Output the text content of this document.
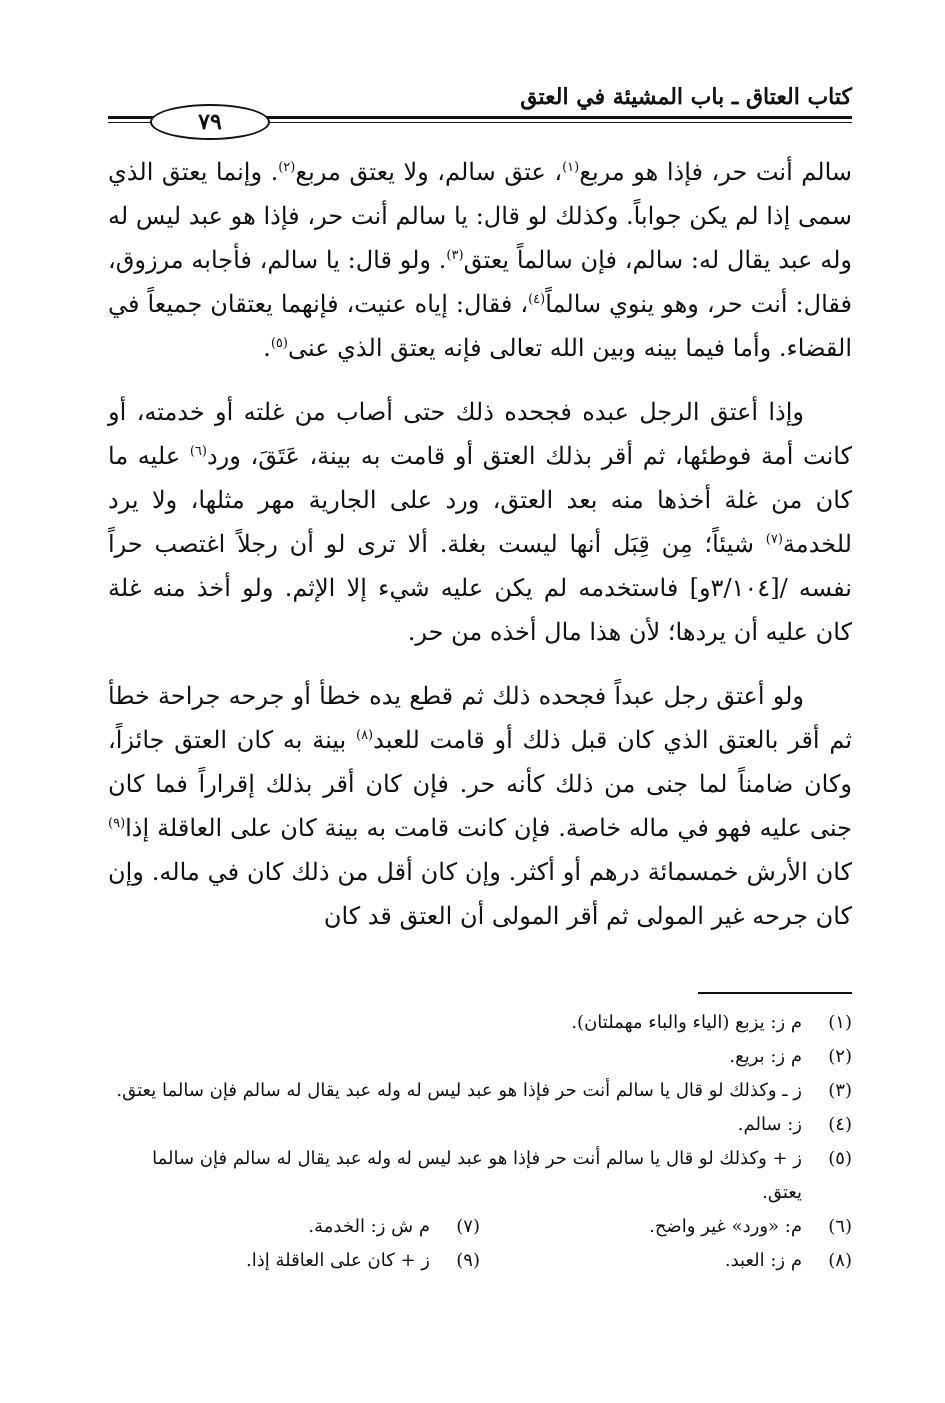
كتاب العتاق ـ باب المشيئة في العتق
٧٩

سالم أنت حر، فإذا هو مربع$^{(١)}$، عتق سالم، ولا يعتق مربع$^{(٢)}$. وإنما يعتق الذي سمى إذا لم يكن جواباً. وكذلك لو قال: يا سالم أنت حر، فإذا هو عبد ليس له وله عبد يقال له: سالم، فإن سالماً يعتق$^{(٣)}$. ولو قال: يا سالم، فأجابه مرزوق، فقال: أنت حر، وهو ينوي سالماً$^{(٤)}$، فقال: إياه عنيت، فإنهما يعتقان جميعاً في القضاء. وأما فيما بينه وبين الله تعالى فإنه يعتق الذي عنى$^{(٥)}$.

وإذا أعتق الرجل عبده فجحده ذلك حتى أصاب من غلته أو خدمته، أو كانت أمة فوطئها، ثم أقر بذلك العتق أو قامت به بينة، عَتَقَ، ورد$^{(٦)}$ عليه ما كان من غلة أخذها منه بعد العتق، ورد على الجارية مهر مثلها، ولا يرد للخدمة$^{(٧)}$ شيئاً؛ مِن قِبَل أنها ليست بغلة. ألا ترى لو أن رجلاً اغتصب حراً نفسه /[٣/١٠٤و] فاستخدمه لم يكن عليه شيء إلا الإثم. ولو أخذ منه غلة كان عليه أن يردها؛ لأن هذا مال أخذه من حر.

ولو أعتق رجل عبداً فجحده ذلك ثم قطع يده خطأ أو جرحه جراحة خطأ ثم أقر بالعتق الذي كان قبل ذلك أو قامت للعبد$^{(٨)}$ بينة به كان العتق جائزاً، وكان ضامناً لما جنى من ذلك كأنه حر. فإن كان أقر بذلك إقراراً فما كان جنى عليه فهو في ماله خاصة. فإن كانت قامت به بينة كان على العاقلة إذا$^{(٩)}$ كان الأرش خمسمائة درهم أو أكثر. وإن كان أقل من ذلك كان في ماله. وإن كان جرحه غير المولى ثم أقر المولى أن العتق قد كان

(١)
م ز: يزبع (الياء والباء مهملتان).
(٢)
م ز: بريع.
(٣)
ز ـ وكذلك لو قال يا سالم أنت حر فإذا هو عبد ليس له وله عبد يقال له سالم فإن سالما يعتق.
(٤)
ز: سالم.
(٥)
ز + وكذلك لو قال يا سالم أنت حر فإذا هو عبد ليس له وله عبد يقال له سالم فإن سالما يعتق.
(٦)
م: «ورد» غير واضح.
(٧)
م ش ز: الخدمة.
(٨)
م ز: العبد.
(٩)
ز + كان على العاقلة إذا.
